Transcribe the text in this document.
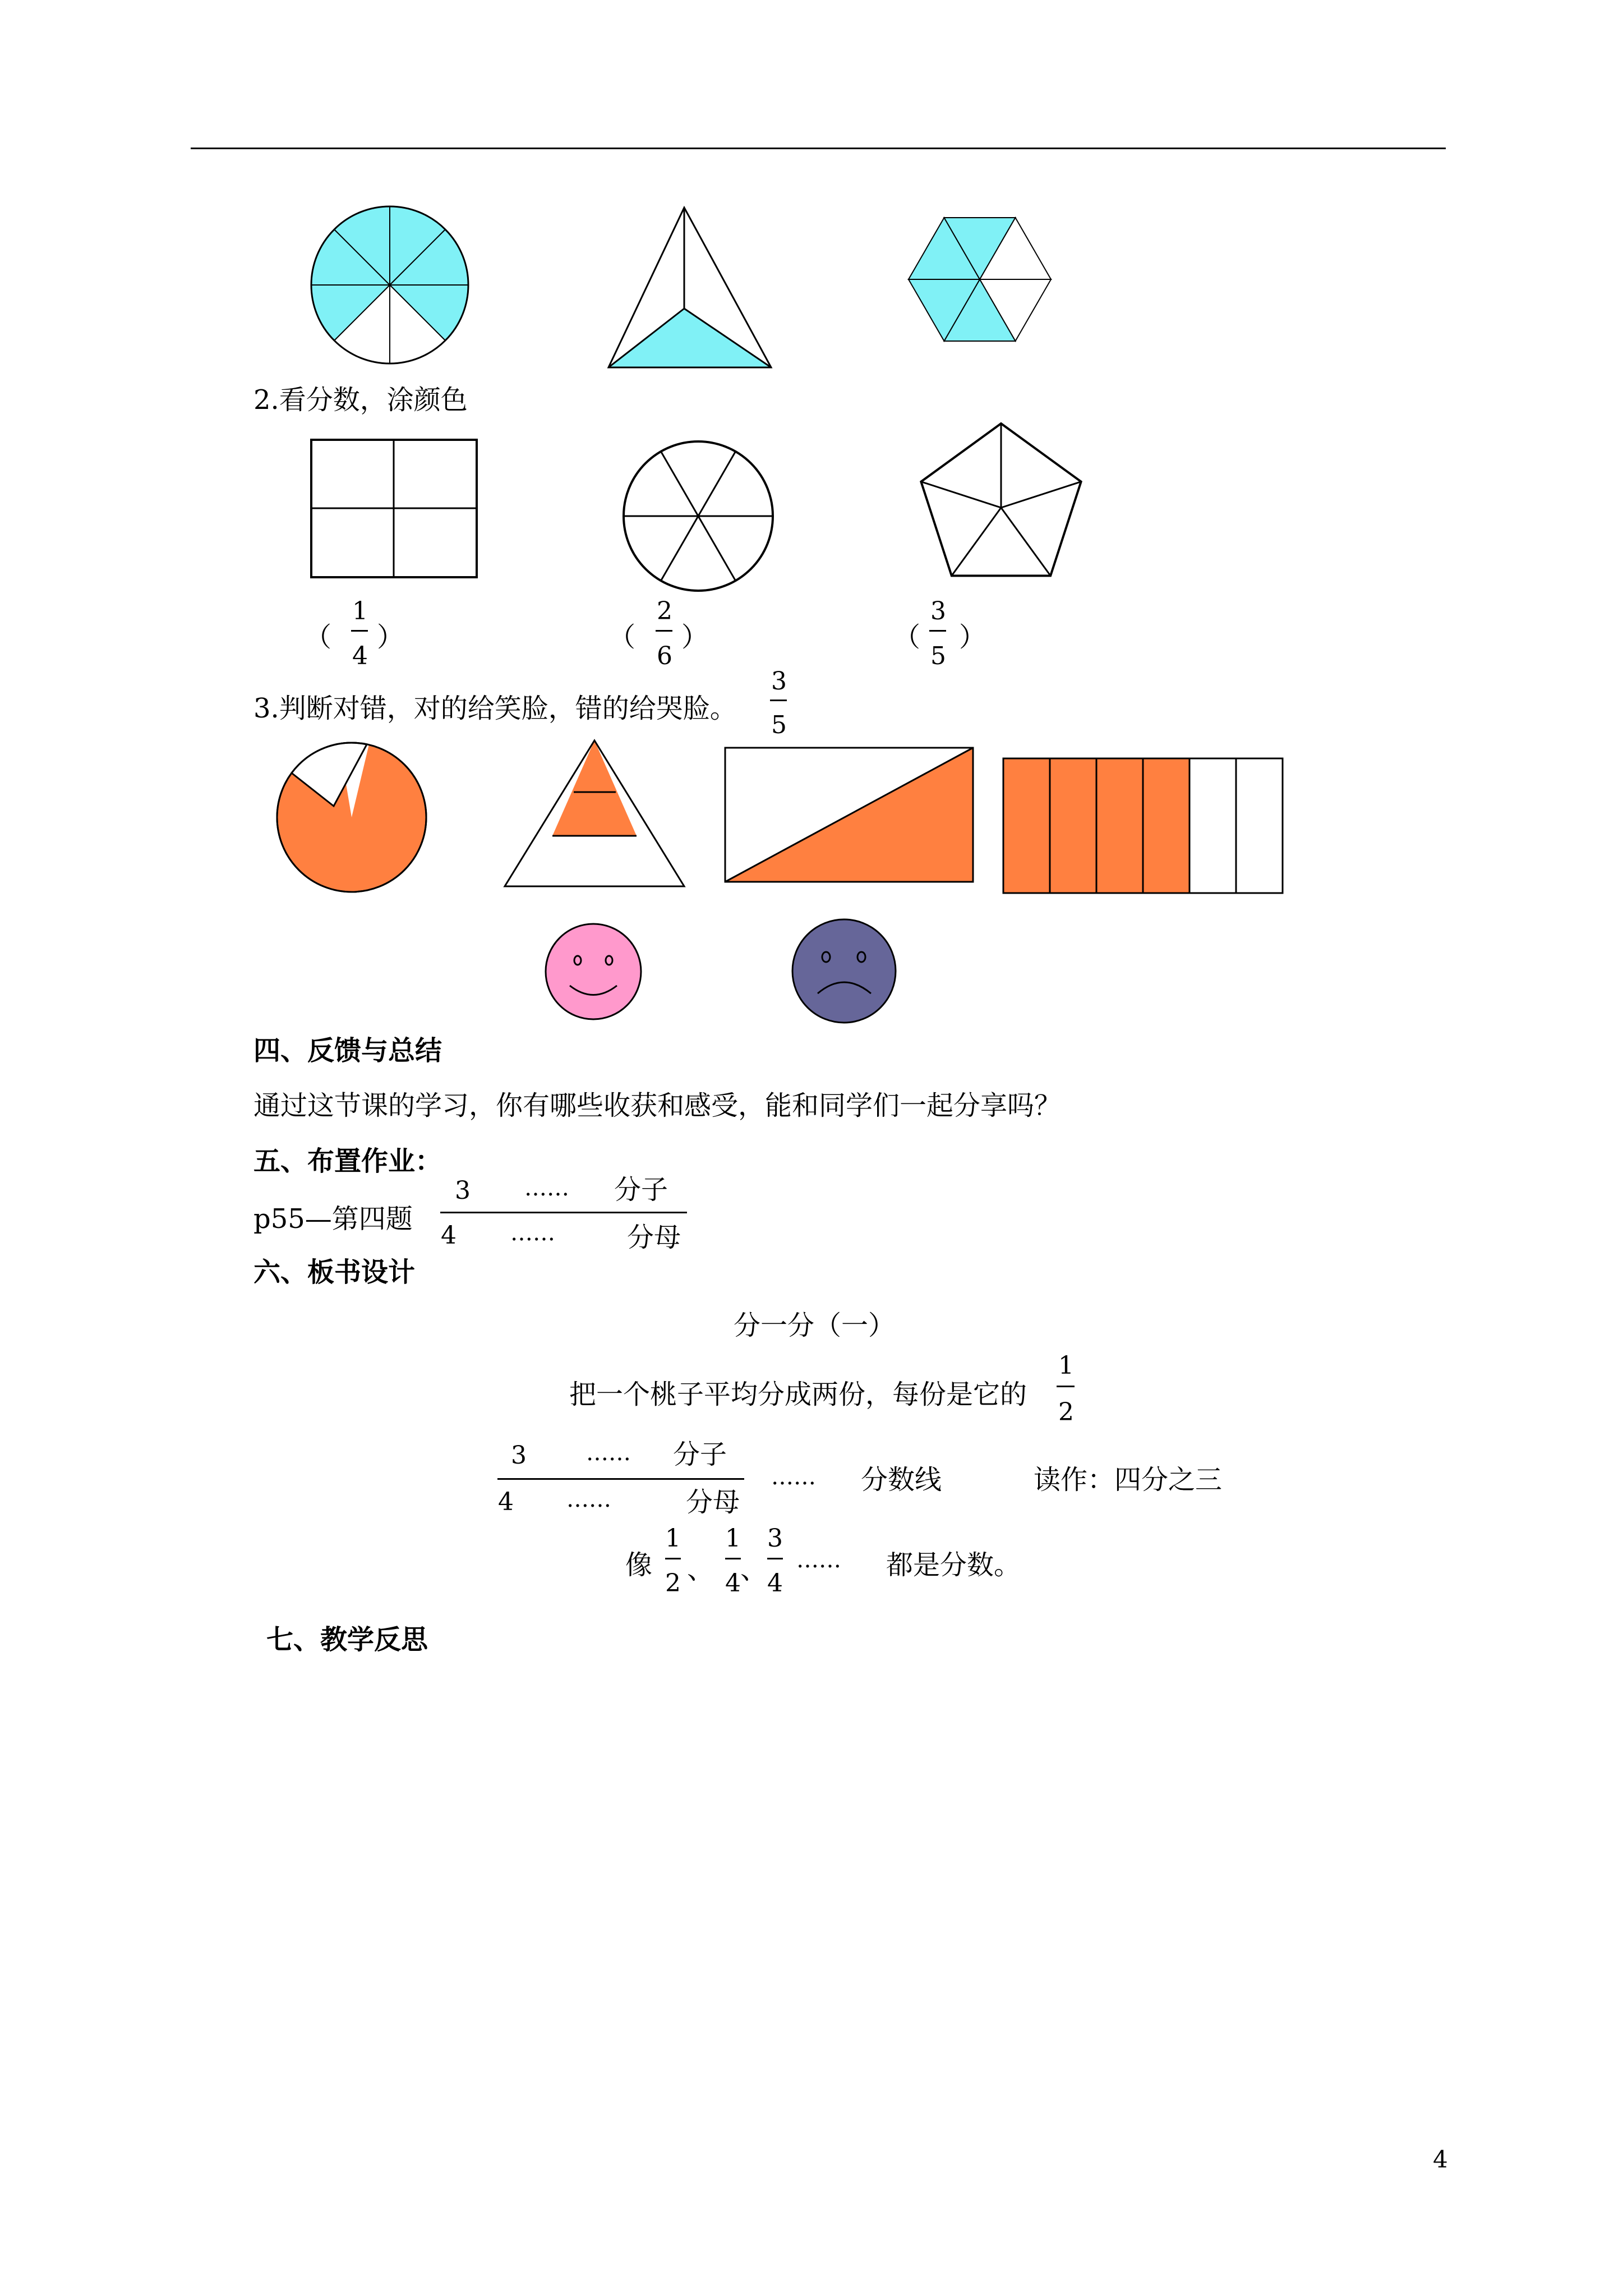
2.看分数，涂颜色
（
1
4
）	（
2
6
）	（
3
5
）
3.判断对错，对的给笑脸，错的给哭脸。
3
5
四、反馈与总结
通过这节课的学习，你有哪些收获和感受，能和同学们一起分享吗？
五、布置作业：
p55—第四题
3	…… 分子
4	……	分母
六、板书设计
分一分（一）
把一个桃子平均分成两份，每份是它的
1
2
3	…… 分子
…… 分数线	读作：四分之三
4	……	分母
像
1
2 、
1
4 、
3
4
…… 都是分数。
七、教学反思
4
